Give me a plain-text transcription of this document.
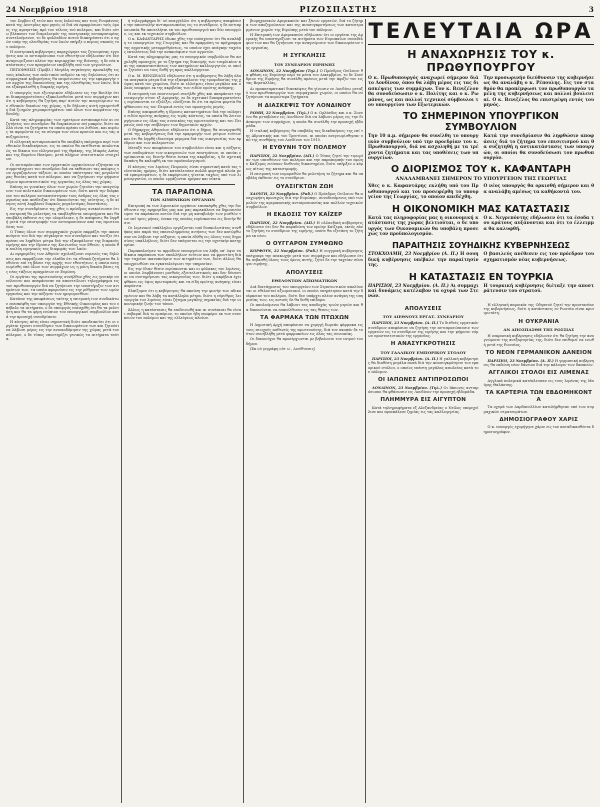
24 Νοεμβρίου 1918	ΡΙΖΟΣΠΑΣΤΗΣ	3

του Σερβου εξ ετών και τους Ιαλιώτας και τους Ρουμάνους κατά της Αυστρίας προ μηνός οί διά νά εφαρμόσωσι τούς όρους της αμνηστίας πρό του τέλους τού πολέμου, και διότι ούτω βλέπουσι τον διαμελισμόν της αυστριακής αυτοκρατορίας συντελούμενον, το δε φυλλαδίον αυτού διακηρύσσει ότι ο αγών υπέρ της ελευθερίας των λαών υπήρξε ο κύριος σκοπός του πολέμου.

Η αυστριακή κυβέρνησις παρεχώρησε τας ζητουμένας εγγυήσεις και οι αντιπρόσωποι των εθνοτήτων εδήλωσαν ότι δεν αναγνωρίζουσι πλέον την κυριαρχίαν της Βιέννης, η δε νέα κατάστασις των πραγμάτων επεβλήθη υπό των γεγονότων.

ΠΕΠΟΙΘΗΣΙΣ (Πρόβλ.) Μεγάλη συγκίνησις προεκλήθη εις τους κύκλους των πολιτικών ανδρών εκ της δηλώσεως ότι αι συμμαχικαί κυβερνήσεις θα επιμείνωσιν εις την εφαρμογήν των αρχών της δικαιοσύνης και της ελευθερίας των λαών, διά να εξασφαλισθή η διαρκής ειρήνη.

Ο υπουργός των εξωτερικών εδήλωσεν εις την Βουλήν ότι αι διαπραγματεύσεις εξακολουθούσι μετά των συμμάχων και ότι η κυβέρνησις θα ζητήση παρ' αυτών την αναγνώρισιν των εθνικών δικαίων της χώρας, η δε δήλωσις αυτή εχαιρετίσθη διά ζωηρών χειροκροτημάτων υπό όλων των κομμάτων της Βουλής.

Κατά τας πληροφορίας των ημετέρων ανταποκριτών αι συζητήσεις του συνεδρίου θα διαρκέσωσιν επί μακρόν, διότι πολλά είναι τα ζητήματα τα οποία πρέπει να λυθώσι, και κυρίως τα αφορώντα εις τα σύνορα των νέων κρατών και εις τας αποζημιώσεις.

Η ελληνική αντιπροσωπεία θα υποβάλη υπόμνημα περί των εθνικών διεκδικήσεων, εις το οποίον θα εκτίθενται αναλυτικώς τα δίκαια του ελληνισμού της Θράκης, της Μικράς Ασίας και της Βορείου Ηπείρου, μετά πλήρων στατιστικών στοιχείων.

Οι αντιπρόσωποι των εργατικών οργανώσεων εζήτησαν να συμμετάσχωσι του συνεδρίου διά να εκθέσωσι τας απόψεις των εργαζομένων τάξεων, αι οποίαι υπέστησαν τας μεγαλυτέρας θυσίας κατά τον πόλεμον, και να ζητήσωσι την ψήφισιν νόμων προστατευτικών της εργασίας εις όλας τας χώρας.

Επίσης αι γυναίκες όλων των χωρών ζητούσι την αναγνώρισιν των πολιτικών δικαιωμάτων των, διότι κατά την διάρκειαν του πολέμου αντικατέστησαν τους άνδρας εις όλας τας εργασίας και απέδειξαν ότι δικαιούνται της ισότητος, η δε κίνησις αυτή λαμβάνει διαρκώς μεγαλυτέρας διαστάσεις.

Εις την συνεδρίασιν της χθες ο πρόεδρος ανεκοίνωσεν ότι η επιτροπή θα μελετήση τα υποβληθέντα υπομνήματα και θα υποβάλη έκθεσιν εις την ολομέλειαν, η δε απόφασις θα ληφθή μετά την επιστροφήν των αντιπροσώπων από τας πρωτευούσας των.

Ο Τύπος όλων των συμμαχικών χωρών εκφράζει την ικανοποίησιν του διά την σύγκλησιν του συνεδρίου και τονίζει ότι πρέπει να ληφθώσι μέτρα διά την εξασφάλισιν της διαρκούς ειρήνης και την ίδρυσιν της Κοινωνίας των Εθνών, η οποία θα επιλύη ειρηνικώς τας διαφοράς των λαών.

Αι εφημερίδες των Αθηνών σχολιάζουσι ευμενώς τας δηλώσεις και εκφράζουσι την ελπίδα ότι τα εθνικά ζητήματα θα λυθώσιν επί τη βάσει της αρχής των εθνοτήτων, η οποία ανεγνωρίσθη υπό όλων των συμμάχων ως η μόνη δικαία βάσις της νέας τάξεως πραγμάτων εν Ευρώπη.

Οι εργάται της πρωτευούσης συνήλθον χθες εις γενικήν συνέλευσιν και απεφάσισαν να αποστείλωσι τηλεγράφημα εις τον πρωθυπουργόν διά να ζητήσωσι την υποστήριξιν των αιτημάτων των, τα οποία αφορούσιν εις την ρύθμισιν των ωρών εργασίας και την αύξησιν των ημερομισθίων.

Κατόπιν της αποφάσεως ταύτης η επιτροπή των συνδικάτων επεσκέφθη τον υπουργόν της Εθνικής Οικονομίας και του υπέβαλε τα αιτήματα, ο δε υπουργός υπεσχέθη ότι θα τα μελετήση και θα τα φέρη ενώπιον του υπουργικού συμβουλίου κατά την προσεχή συνεδρίασιν.

Η κίνησις αύτη είναι σημαντική διότι αποδεικνύει ότι οι εργάται έχουσι συνείδησιν των δικαιωμάτων των και ζητούσι να λάβωσι μέρος εις την ανοικοδόμησιν της χώρας μετά τον πόλεμον, ο δε τύπος υποστηρίζει γενικώς τα αιτήματα ταύτα.

ή τηλεγράφημα δι' ού αναγγέλλει ότι η κυβέρνησις απεφάσισε την αποστολήν αντιπροσωπείας εις το συνέδριον, η δε αντιπροσωπεία θα αποτελήται εκ του πρωθυπουργού και δύο υπουργών, ως και εκ τεχνικών συμβούλων.

Ο κ. ΚΑΦΑΝΤΑΡΗΣ έδωκε χθες την υπόσχεσιν ότι θα αναλάβη το υπουργείον της Γεωργίας και θα εφαρμόση το πρόγραμμα της αγροτικής μεταρρυθμίσεως, το οποίον έχει ανάγκην ταχείας εκτελέσεως διά την ανακούφισιν των αγροτών.

Κατά τας πληροφορίας μας το υπουργικόν συμβούλιον θα ασχοληθή προσεχώς με το ζήτημα της διανομής των τσιφλικίων και της αποκαταστάσεως των ακτημόνων καλλιεργητών, οι οποίοι ζητούσι να τους δοθή γη προς καλλιέργειαν.

Ο κ. Μ. ΒΕΝΙΖΕΛΟΣ εδήλωσεν ότι η κυβέρνησις θα λάβη όλα τα αναγκαία μέτρα διά την εξασφάλισιν της τροφοδοσίας της χώρας κατά τον χειμώνα, διότι αι ελλείψεις είναι μεγάλαι και ο λαός υποφέρει εκ της ακριβείας των ειδών πρώτης ανάγκης.

Η επιτροπή του επισιτισμού συνήλθε χθες και απεφάσισε την εισαγωγήν σίτου εξ Αμερικής, αι δε σχετικαί διαπραγματεύσεις ευρίσκονται εν εξελίξει, ελπίζεται δε ότι τα πρώτα φορτία θα φθάσωσιν εις τον Πειραιά εντός του προσεχούς μηνός.

Επίσης απεφασίσθη η ίδρυσις καταστημάτων διά την πώλησιν ειδών πρώτης ανάγκης εις τιμάς κόστους, τα οποία θα λειτουργήσωσιν εις όλας τας συνοικίας της πρωτευούσης και του Πειραιώς υπό την επίβλεψιν των δημοτικών αρχών.

Ο δήμαρχος Αθηναίων εδήλωσεν ότι ο δήμος θα συνεργασθή μετά της κυβερνήσεως διά την εφαρμογήν των μέτρων τούτων και ότι θα ληφθή ιδιαιτέρα μέριμνα διά τας οικογενείας των εφέδρων και των πολεμιστών.

Μεταξύ των αποφάσεων του συμβουλίου είναι και η αύξησις των επιδομάτων των οικογενειών των επιστράτων, αι οποίαι ευρίσκονται εις δεινήν θέσιν ένεκα της ακριβείας, η δε σχετική δαπάνη θα καλυφθή εκ του προϋπολογισμού.

Η κίνησις του λιμένος Πειραιώς είναι σημαντική κατά τας τελευταίας ημέρας, διότι κατέπλευσαν πολλά φορτηγά πλοία μετά εμπορευμάτων, η δε εκφόρτωσις γίνεται ταχέως υπό των λιμενεργατών, οι οποίοι εργάζονται ημέραν και νύκτα.

ΤΑ ΠΑΡΑΠΟΝΑ
ΤΩΝ ΛΙΜΕΝΙΚΩΝ ΟΡΓΑΝΩΝ

Επιτροπή εκ των λιμενικών οργάνων επεσκέφθη χθες την διεύθυνσιν της εφημερίδος μας και μας παρεκάλεσε να δημοσιεύσωμεν τα παράπονα αυτών διά την μη καταβολήν των μισθών των επί τρεις μήνας, ένεκα της οποίας ευρίσκονται εις δεινήν θέσιν.

Οι λιμενικοί υπάλληλοι εργάζονται υπό δυσκολωτάτας συνθήκας και παρά τας επανειλημμένας αιτήσεις των δεν κατώρθωσαν να λάβωσι την αύξησιν, η οποία εδόθη εις όλους τους δημοσίους υπαλλήλους, διότι δεν υπάγονται εις την σχετικήν κατηγορίαν.

Παρακαλούμεν το αρμόδιον υπουργείον να λάβη υπ' όψιν τα δίκαια παράπονα των υπαλλήλων τούτων και να φροντίση διά την ταχείαν ικανοποίησιν των αιτημάτων των, διότι άλλως θα υποχρεωθώσι να εγκαταλείψωσι την υπηρεσίαν.

Εις την ίδιαν θέσιν ευρίσκονται και οι φύλακες του λιμένος, οι οποίοι λαμβάνουσι μισθούς εξευτελιστικούς και δεν δύνανται να συντηρήσωσι τας οικογενείας των, διότι η ακρίβεια έχει φθάσει εις ύψος πρωτοφανές και τα είδη πρώτης ανάγκης είναι απρόσιτα.

Ελπίζομεν ότι η κυβέρνησις θα ακούση την φωνήν των αδικουμένων και θα λάβη τα κατάλληλα μέτρα, διότι η εύρυθμος λειτουργία του λιμένος είναι ζήτημα μεγάλης σημασίας διά την οικονομικήν ζωήν του τόπου.

Άλλως η κατάστασις θα επιδεινωθή και αι συνέπειαι θα είναι σοβαραί διά το εμπόριον, το οποίον ήδη υποφέρει εκ των συνεπειών του πολέμου και της ελλείψεως πλοίων.

βιομηχανικών Αμερικανών και ξένων εργατών, διά το ζήτημα των αποζημιώσεων και της ανασυγκροτήσεως των κατεστραμμένων χωρών της Ευρώπης μετά τον πόλεμον.

Η Επιτροπή των Αμερικανών εδήλωσεν ότι οι εργάται της Αμερικής θα υποστηρίξωσι τα αιτήματα των Ευρωπαίων συναδέλφων των και θα ζητήσωσι την αναγνώρισιν των δικαιωμάτων της εργασίας.

Η ΣΥΓΚΛΗΣΙΣ
ΤΟΥ ΣΥΝΕΔΡΙΟΥ ΕΙΡΗΝΗΣ

ΛΟΝΔΙΝΟΝ, 22 Νοεμβρίου (Τηλ.) Ο Πρόεδρος Ουίλσων θα φθάση εις Ευρώπην περί τα μέσα του Δεκεμβρίου, το δε Συνέδριον της Ειρήνης θα συνέλθη αμέσως μετά την άφιξίν του εις τας Βερσαλλίας.

Αι προκαταρκτικαί διασκέψεις θα γίνωσιν εν Λονδίνω μεταξύ των πρωθυπουργών των συμμαχικών χωρών, οι οποίοι θα συζητήσωσι τα κυριώτερα ζητήματα.

Η ΔΙΑΣΚΕΨΙΣ ΤΟΥ ΛΟΝΔΙΝΟΥ

ΡΩΜΗ, 22 Νοεμβρίου. (Τηλ.) Ο κ. Ορλάνδος και ο κ. Σοννίνο θα μεταβώσιν εις Λονδίνον διά να λάβωσι μέρος εις την διάσκεψιν των συμμάχων, η οποία θα συνέλθη την προσεχή εβδομάδα.

Η ιταλική κυβέρνησις θα υποβάλη τας διεκδικήσεις της επί της Αδριατικής και του Τρεντίνου, αι οποίαι ανεγνωρίσθησαν υπό της συνθήκης του Λονδίνου του 1915.

Η ΕΥΘΥΝΗ ΤΟΥ ΠΟΛΕΜΟΥ

ΠΑΡΙΣΙΟΙ, 22 Νοεμβρίου. (ΑΠ.) Ο Τύπος ζητεί την τιμωρίαν των υπευθύνων του πολέμου και την παραπομπήν του πρώην Καΐζερος ενώπιον διεθνούς δικαστηρίου, διότι υπήρξεν ο κύριος αίτιος της καταστροφής.

Η επιτροπή των νομομαθών θα μελετήση το ζήτημα και θα υποβάλη έκθεσιν εις το συνέδριον.

ΟΥΑΣΙΓΚΤΩΝ ΖΩΗ

ΧΑΟΥΓΗ, 22 Νοεμβρίου. (Ραδ.) Ο Πρόεδρος Ουίλσων θα αναχωρήση προσεχώς διά την Ευρώπην, συνοδευόμενος υπό των μελών της αμερικανικής αντιπροσωπείας και πολλών τεχνικών συμβούλων.

Η ΕΚΔΟΣΙΣ ΤΟΥ ΚΑΪΖΕΡ

ΠΑΡΙΣΙΟΙ, 22 Νοεμβρίου. (ΑΠ.) Η ολλανδική κυβέρνησις εδήλωσεν ότι δεν θα παραδώση τον πρώην Καΐζερα, εκτός εάν το ζητήση το συνέδριον της ειρήνης, οπότε θα εξετάση το ζήτημα εκ νέου.

Ο ΟΥΓΓΑΡΟΝ ΣΥΜΦΩΝΟ

ΚΟΡΦΟΥΝ, 22 Νοεμβρίου. (Ραδ.) Η ουγγρική κυβέρνησις υπέγραψε την ανακωχήν μετά των συμμάχων και εδήλωσεν ότι θα σεβασθή όλους τους όρους αυτής, ζητεί δε την ταχείαν σύναψιν ειρήνης.

ΑΠΟΛΥΣΕΙΣ
ΕΘΕΛΟΝΤΩΝ ΑΞΙΩΜΑΤΙΚΩΝ

Διά διατάγματος του υπουργείου των Στρατιωτικών απολύονται οι εθελονταί αξιωματικοί, οι οποίοι υπηρέτησαν κατά την διάρκειαν του πολέμου, διότι δεν υπάρχει πλέον ανάγκη της υπηρεσίας των, εις αυτούς δε θα δοθή επίδομα.

Οι απολυόμενοι θα λάβωσι τας αποδοχάς τριών μηνών και θα δικαιούνται να επανέλθωσιν εις τας θέσεις των.

ΤΑ ΦΑΡΜΑΚΑ ΤΩΝ ΠΤΩΧΩΝ

Η Δημοτική Αρχή απεφάσισε να χορηγή δωρεάν φάρμακα εις τους πτωχούς ασθενείς της πρωτευούσης, διά τον σκοπόν δε τούτον συνεβλήθη μετά φαρμακείων εις όλας τας συνοικίας.

Οι δικαιούχοι θα προσέρχωνται με βεβαίωσιν του ιατρού του δήμου.

(Εκ ού γεγράφη ούτ ω , Διεύθυνσις)

ΤΕΛΕΥΤΑΙΑ ΩΡΑ
Η ΑΝΑΧΩΡΗΣΙΣ ΤΟΥ κ. ΠΡΩΘΥΠΟΥΡΓΟΥ
Ο κ. Πρωθυπουργός αναχωρεί σήμερον διά το Λονδίνον, όπου θα λάβη μέρος εις τας διασκέψεις των συμμάχων. Τον κ. Βενιζέλον θα συνοδεύσωσιν ο κ. Πολίτης και ο κ. Ρωμάνος, ως και πολλοί τεχνικοί σύμβουλοι του υπουργείου των Εξωτερικών.
Την προσωρινήν διεύθυνσιν της κυβερνήσεως θα αναλάβη ο κ. Ρέπουλης. Εις τον σταθμόν θα προπέμψωσι τον πρωθυπουργόν τα μέλη της κυβερνήσεως και πολλοί βουλευταί. Ο κ. Βενιζέλος θα επιστρέψη εντός του μηνός.
ΤΟ ΣΗΜΕΡΙΝΟΝ ΥΠΟΥΡΓΙΚΟΝ ΣΥΜΒΟΥΛΙΟΝ
Την 10 π.μ. σήμερον θα συνέλθη το υπουργικόν συμβούλιον υπό την προεδρίαν του κ. Πρωθυπουργού, διά να ασχοληθή με τα τρέχοντα ζητήματα και τας υποθέσεις των υπουργείων.
Κατά την συνεδρίασιν θα ληφθώσιν αποφάσεις διά το ζήτημα του επισιτισμού και θα συζητηθή η αντικατάστασις των υπουργών, οι οποίοι θα συνοδεύσωσι τον πρωθυπουργόν.
Ο ΔΙΟΡΙΣΜΟΣ ΤΟΥ κ. ΚΑΦΑΝΤΑΡΗ
ΑΝΑΛΑΜΒΑΝΕΙ ΣΗΜΕΡΟΝ ΤΟ ΥΠΟΥΡΓΕΙΟΝ ΤΗΣ ΓΕΩΡΓΙΑΣ
Χθες ο κ. Καφαντάρης εκλήθη υπό του Πρωθυπουργού και του προσεφέρθη το υπουργείον της Γεωργίας, το οποίον απεδέχθη.
Ο νέος υπουργός θα ορκισθή σήμερον και θα αναλάβη αμέσως τα καθήκοντά του.
Η ΟΙΚΟΝΟΜΙΚΗ ΜΑΣ ΚΑΤΑΣΤΑΣΙΣ
Κατά τας πληροφορίας μας η οικονομική κατάστασις της χώρας βελτιούται, ο δε υπουργός των Οικονομικών θα υποβάλη προσεχώς τον προϋπολογισμόν.
Ο κ. Νεγρεπόντης εδήλωσεν ότι τα έσοδα του κράτους αυξάνονται και ότι το έλλειμμα θα καλυφθή.
ΠΑΡΑΙΤΗΣΙΣ ΣΟΥΗΔΙΚΗΣ ΚΥΒΕΡΝΗΣΕΩΣ
ΣΤΟΚΧΟΛΜΗ, 23 Νοεμβρίου (Α. Π.) Η σουηδική κυβέρνησις υπέβαλε την παραίτησίν της.
Ο βασιλεύς ανέθεσεν εις τον πρόεδρον του σχηματισμόν νέας κυβερνήσεως.
Η ΚΑΤΑΣΤΑΣΙΣ ΕΝ ΤΟΥΡΚΙΑ
ΠΑΡΙΣΙΟΙ, 23 Νοεμβρίου. (Α. Π.) Αι συμμαχικαί δυνάμεις κατέλαβον τα οχυρά των Στενών.
Η τουρκική κυβέρνησις διέταξε την αποστράτευσιν του στρατού.
ΑΠΟΛΥΣΕΙΣ
ΤΟΥ ΔΙΕΘΝΟΥΣ ΕΡΓΑΤ. ΣΥΝΕΔΡΙΟΥ

ΠΑΡΙΣΙΟΙ, 23 Νοεμβρίου. (Α. Π.) Το διεθνές εργατικόν συνέδριον απεφάσισε να ζητήση την αντιπροσώπευσιν των εργατών εις το συνέδριον της ειρήνης και την ψήφισιν νόμων προστατευτικών της εργασίας.

Η ΑΝΑΣΥΓΚΡΟΤΗΣΙΣ
ΤΟΥ ΓΑΛΛΙΚΟΥ ΕΜΠΟΡΙΚΟΥ ΣΤΟΛΟΥ

ΠΑΡΙΣΙΟΙ, 23 Νοεμβρίου. (Α. Π.) Η γαλλική κυβέρνησις θα διαθέση μεγάλα ποσά διά την ανασυγκρότησιν του εμπορικού στόλου, ο οποίος υπέστη μεγάλας απωλείας κατά τον πόλεμον.

ΟΙ ΙΑΠΩΝΕΣ ΑΝΤΙΠΡΟΣΩΠΟΙ

ΛΟΝΔΙΝΟΝ, 23 Νοεμβρίου. (Τηλ.) Οι Ιάπωνες αντιπρόσωποι θα φθάσωσιν εις Λονδίνον την προσεχή εβδομάδα.

ΠΛΗΜΜΥΡΑ ΕΙΣ ΑΙΓΥΠΤΟΝ

Κατά τηλεγραφήματα εξ Αλεξανδρείας ο Νείλος υπερεχείλισε και προεκάλεσε ζημίας εις τας καλλιεργείας.

Η ελληνική παροικία της Οδησσού ζητεί την προστασίαν της κυβερνήσεως, διότι η κατάστασις εν Ρωσσία είναι κρισιμωτάτη.

Η ΟΥΚΡΑΝΙΑ
ΑΝ ΑΠΟΣΠΑΣΘΗ ΤΗΣ ΡΩΣΣΙΑΣ

Η ουκρανική κυβέρνησις εδήλωσεν ότι θα ζητήση την αναγνώρισιν της ανεξαρτησίας της, διότι δεν επιθυμεί να ενωθή μετά της Ρωσσίας.

ΤΟ ΝΕΟΝ ΓΕΡΜΑΝΙΚΟΝ ΔΑΝΕΙΟΝ

ΠΑΡΙΣΙΟΙ, 23 Νοεμβρίου. (Α. Π.) Η γερμανική κυβέρνησις θα εκδώση νέον δάνειον διά την κάλυψιν των δαπανών.

ΑΓΓΛΙΚΟΙ ΣΤΟΛΟΙ ΕΙΣ ΛΙΜΕΝΑΣ

Αγγλικά πολεμικά κατέπλευσαν εις τους λιμένας της Μαύρης Θαλάσσης.

ΤΑ ΚΑΡΤΕΡΙΑ ΤΩΝ ΕΒΔΟΜΗΚΟΝΤΑ

Τα οχυρά των Δαρδανελλίων κατελήφθησαν υπό των συμμαχικών στρατευμάτων.

ΔΗΜΟΣΙΟΓΡΑΦΟΥ ΧΑΡΙΣ

Ο κ. υπουργός εχορήγησε χάριν εις τον καταδικασθέντα δημοσιογράφον.
